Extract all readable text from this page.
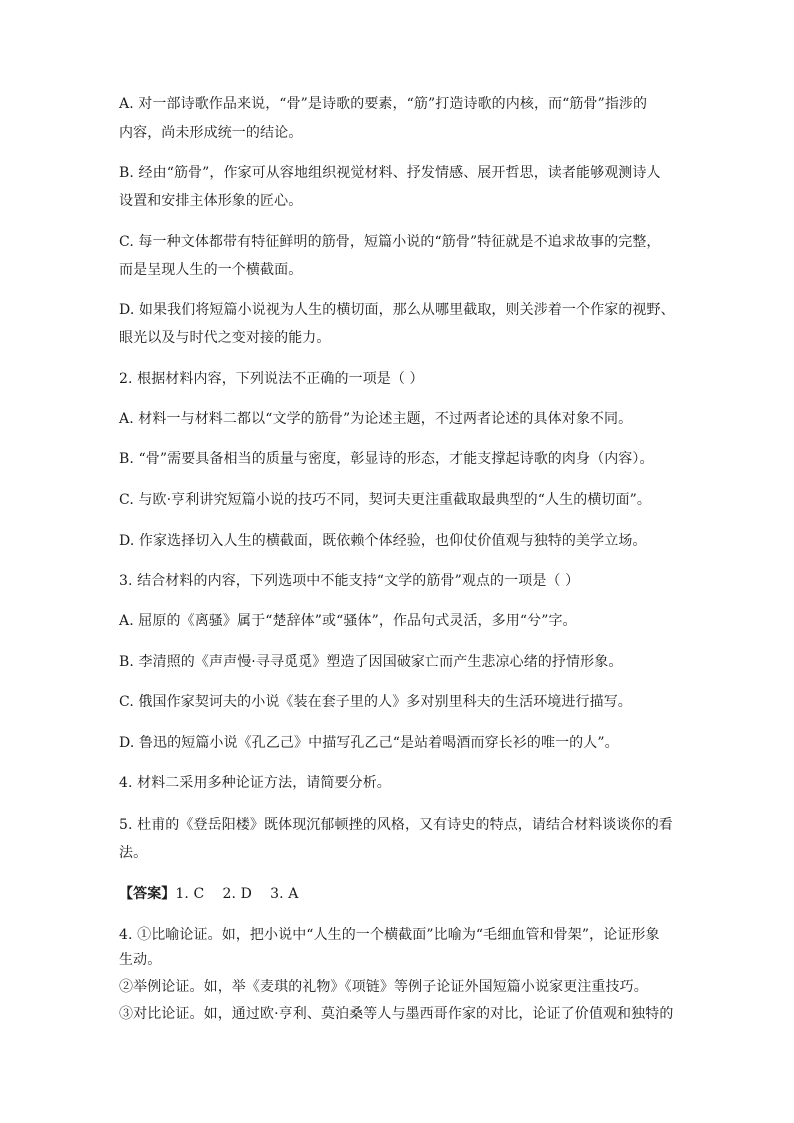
A. 对一部诗歌作品来说，“骨”是诗歌的要素，“筋”打造诗歌的内核，而“筋骨”指涉的
内容，尚未形成统一的结论。
B. 经由“筋骨”，作家可从容地组织视觉材料、抒发情感、展开哲思，读者能够观测诗人
设置和安排主体形象的匠心。
C. 每一种文体都带有特征鲜明的筋骨，短篇小说的“筋骨”特征就是不追求故事的完整，
而是呈现人生的一个横截面。
D. 如果我们将短篇小说视为人生的横切面，那么从哪里截取，则关涉着一个作家的视野、
眼光以及与时代之变对接的能力。
2. 根据材料内容，下列说法不正确的一项是（ ）
A. 材料一与材料二都以“文学的筋骨”为论述主题，不过两者论述的具体对象不同。
B. “骨”需要具备相当的质量与密度，彰显诗的形态，才能支撑起诗歌的肉身（内容）。
C. 与欧·亨利讲究短篇小说的技巧不同，契诃夫更注重截取最典型的“人生的横切面”。
D. 作家选择切入人生的横截面，既依赖个体经验，也仰仗价值观与独特的美学立场。
3. 结合材料的内容，下列选项中不能支持“文学的筋骨”观点的一项是（ ）
A. 屈原的《离骚》属于“楚辞体”或“骚体”，作品句式灵活，多用“兮”字。
B. 李清照的《声声慢·寻寻觅觅》塑造了因国破家亡而产生悲凉心绪的抒情形象。
C. 俄国作家契诃夫的小说《装在套子里的人》多对别里科夫的生活环境进行描写。
D. 鲁迅的短篇小说《孔乙己》中描写孔乙己“是站着喝酒而穿长衫的唯一的人”。
4. 材料二采用多种论证方法，请简要分析。
5. 杜甫的《登岳阳楼》既体现沉郁顿挫的风格，又有诗史的特点，请结合材料谈谈你的看
法。
【答案】1. C    2. D    3. A
4. ①比喻论证。如，把小说中“人生的一个横截面”比喻为“毛细血管和骨架”，论证形象
生动。
②举例论证。如，举《麦琪的礼物》《项链》等例子论证外国短篇小说家更注重技巧。
③对比论证。如，通过欧·亨利、莫泊桑等人与墨西哥作家的对比，论证了价值观和独特的
